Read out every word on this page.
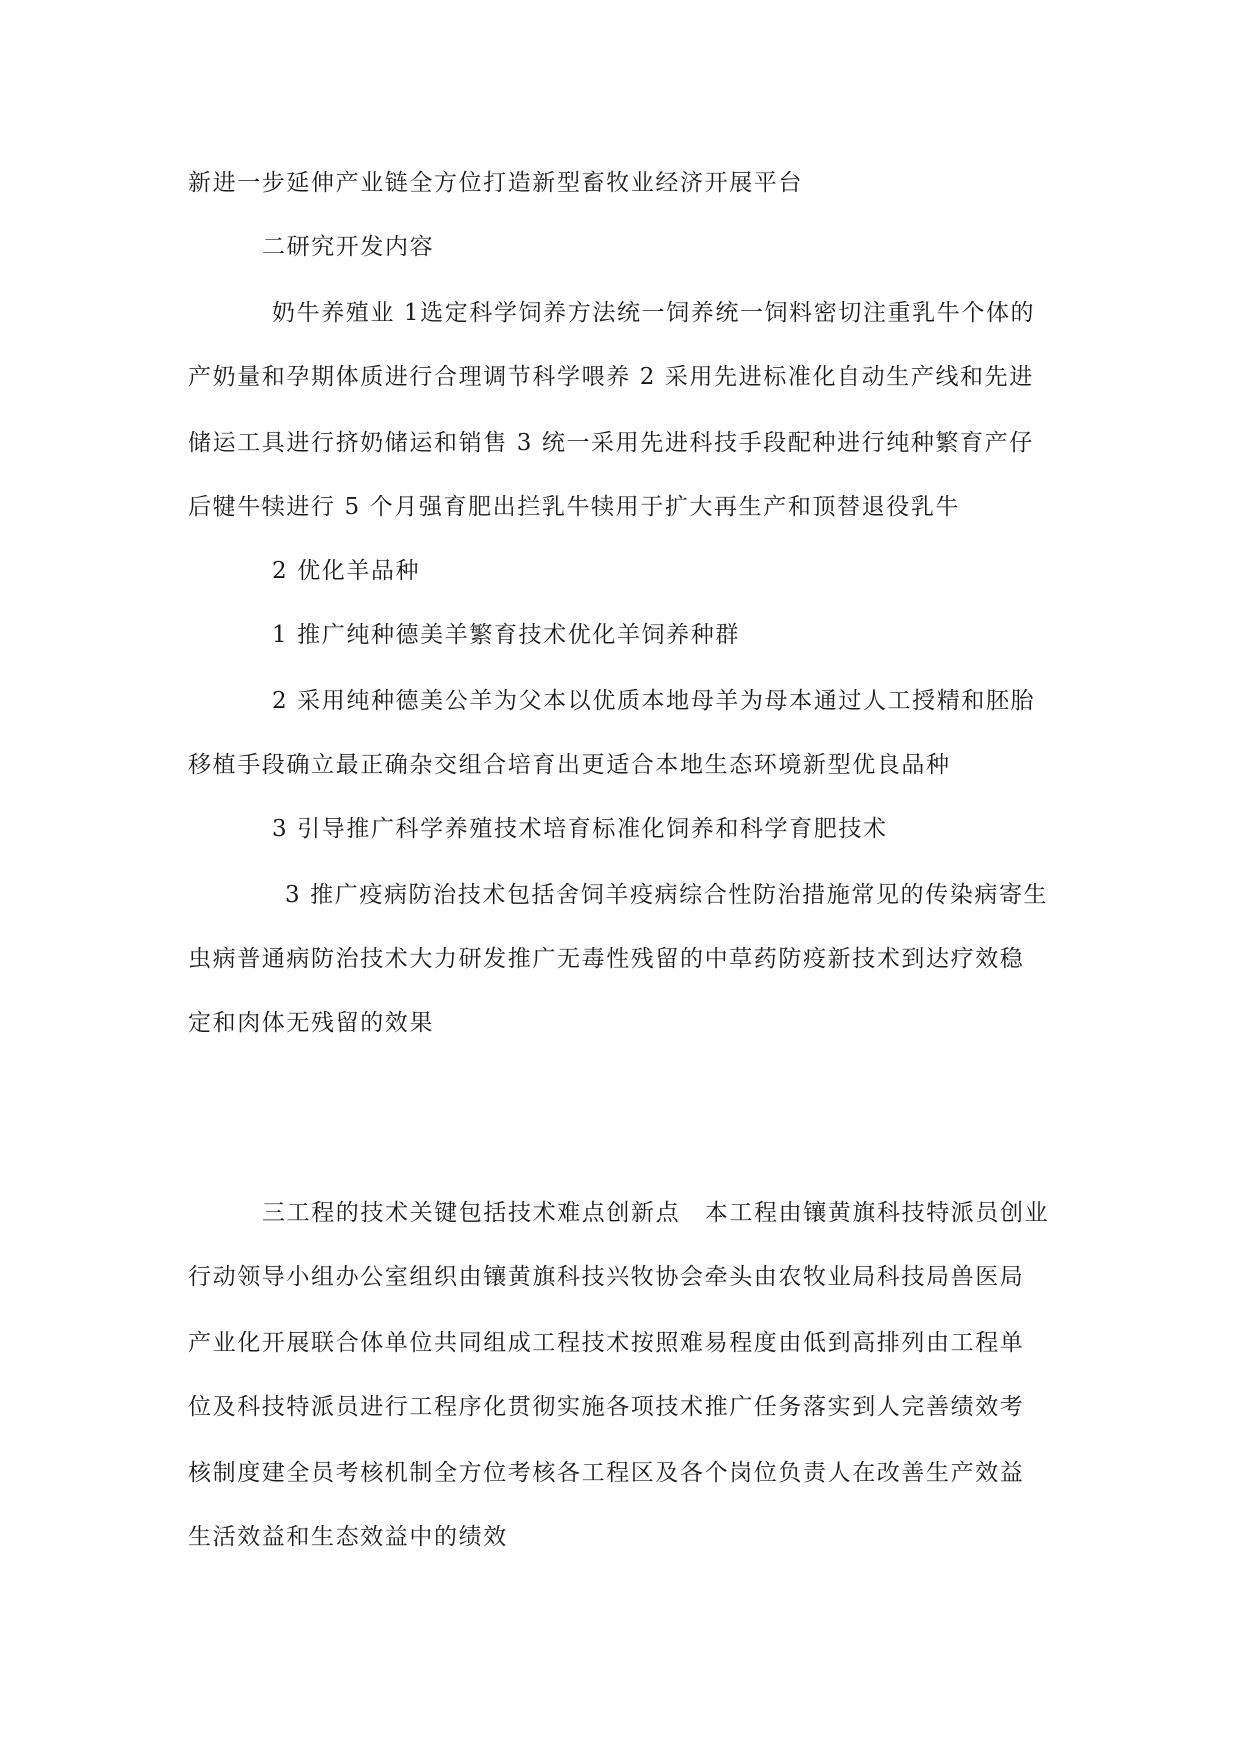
新进一步延伸产业链全方位打造新型畜牧业经济开展平台
二研究开发内容
奶牛养殖业 1选定科学饲养方法统一饲养统一饲料密切注重乳牛个体的
产奶量和孕期体质进行合理调节科学喂养 2 采用先进标准化自动生产线和先进
储运工具进行挤奶储运和销售 3 统一采用先进科技手段配种进行纯种繁育产仔
后犍牛犊进行 5 个月强育肥出拦乳牛犊用于扩大再生产和顶替退役乳牛
2 优化羊品种
1 推广纯种德美羊繁育技术优化羊饲养种群
2 采用纯种德美公羊为父本以优质本地母羊为母本通过人工授精和胚胎
移植手段确立最正确杂交组合培育出更适合本地生态环境新型优良品种
3 引导推广科学养殖技术培育标准化饲养和科学育肥技术
3 推广疫病防治技术包括舍饲羊疫病综合性防治措施常见的传染病寄生
虫病普通病防治技术大力研发推广无毒性残留的中草药防疫新技术到达疗效稳
定和肉体无残留的效果
三工程的技术关键包括技术难点创新点　本工程由镶黄旗科技特派员创业
行动领导小组办公室组织由镶黄旗科技兴牧协会牵头由农牧业局科技局兽医局
产业化开展联合体单位共同组成工程技术按照难易程度由低到高排列由工程单
位及科技特派员进行工程序化贯彻实施各项技术推广任务落实到人完善绩效考
核制度建全员考核机制全方位考核各工程区及各个岗位负责人在改善生产效益
生活效益和生态效益中的绩效
